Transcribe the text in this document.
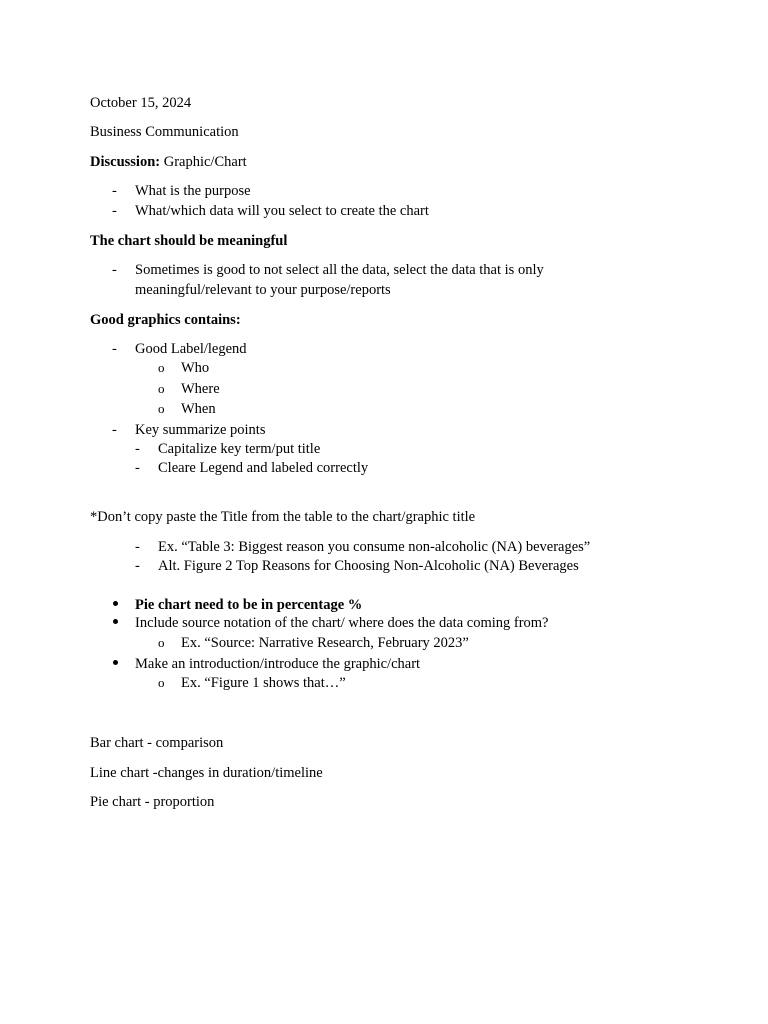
October 15, 2024
Business Communication
Discussion: Graphic/Chart
- What is the purpose
- What/which data will you select to create the chart
The chart should be meaningful
- Sometimes is good to not select all the data, select the data that is only
meaningful/relevant to your purpose/reports
Good graphics contains:
- Good Label/legend
o Who
o Where
o When
- Key summarize points
- Capitalize key term/put title
- Cleare Legend and labeled correctly
*Don’t copy paste the Title from the table to the chart/graphic title
- Ex. “Table 3: Biggest reason you consume non-alcoholic (NA) beverages”
- Alt. Figure 2 Top Reasons for Choosing Non-Alcoholic (NA) Beverages
Pie chart need to be in percentage %
Include source notation of the chart/ where does the data coming from?
o Ex. “Source: Narrative Research, February 2023”
Make an introduction/introduce the graphic/chart
o Ex. “Figure 1 shows that…”
Bar chart - comparison
Line chart -changes in duration/timeline
Pie chart - proportion
